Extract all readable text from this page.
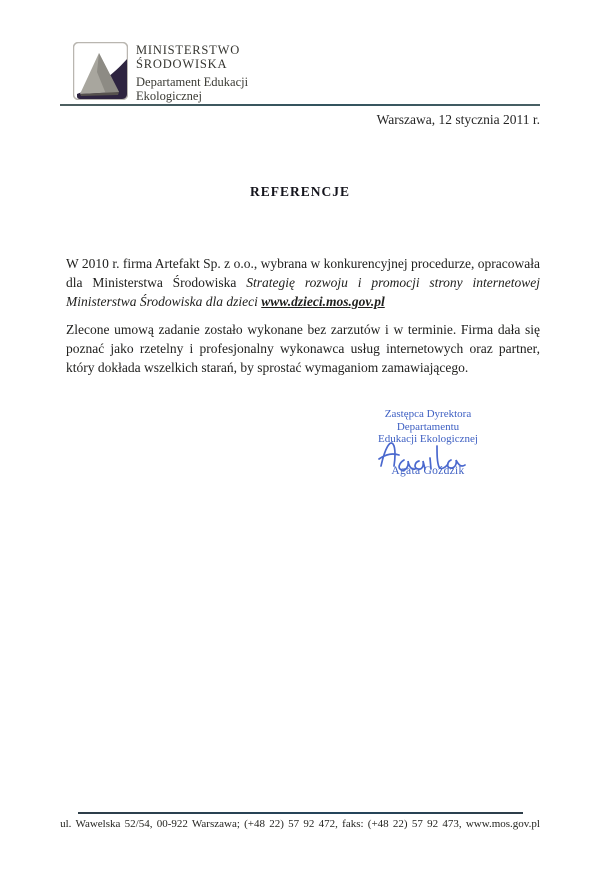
MINISTERSTWO
ŚRODOWISKA
Departament Edukacji
Ekologicznej
Warszawa, 12 stycznia 2011 r.
REFERENCJE
W 2010 r. firma Artefakt Sp. z o.o., wybrana w konkurencyjnej procedurze, opracowała dla Ministerstwa Środowiska Strategię rozwoju i promocji strony internetowej Ministerstwa Środowiska dla dzieci www.dzieci.mos.gov.pl
Zlecone umową zadanie zostało wykonane bez zarzutów i w terminie. Firma dała się poznać jako rzetelny i profesjonalny wykonawca usług internetowych oraz partner, który dokłada wszelkich starań, by sprostać wymaganiom zamawiającego.
Zastępca Dyrektora
Departamentu
Edukacji Ekologicznej
Agata Goździk
ul. Wawelska 52/54, 00-922 Warszawa; (+48 22) 57 92 472, faks: (+48 22) 57 92 473, www.mos.gov.pl
